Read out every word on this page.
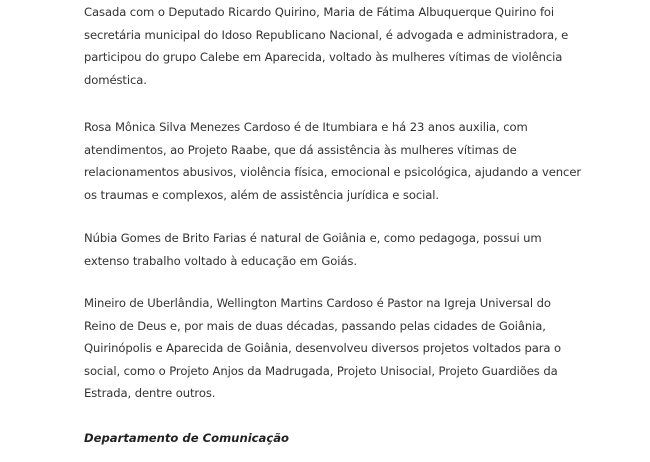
Casada com o Deputado Ricardo Quirino, Maria de Fátima Albuquerque Quirino foi secretária municipal do Idoso Republicano Nacional, é advogada e administradora, e participou do grupo Calebe em Aparecida, voltado às mulheres vítimas de violência doméstica.

Rosa Mônica Silva Menezes Cardoso é de Itumbiara e há 23 anos auxilia, com atendimentos, ao Projeto Raabe, que dá assistência às mulheres vítimas de relacionamentos abusivos, violência física, emocional e psicológica, ajudando a vencer os traumas e complexos, além de assistência jurídica e social.

Núbia Gomes de Brito Farias é natural de Goiânia e, como pedagoga, possui um extenso trabalho voltado à educação em Goiás.

Mineiro de Uberlândia, Wellington Martins Cardoso é Pastor na Igreja Universal do Reino de Deus e, por mais de duas décadas, passando pelas cidades de Goiânia, Quirinópolis e Aparecida de Goiânia, desenvolveu diversos projetos voltados para o social, como o Projeto Anjos da Madrugada, Projeto Unisocial, Projeto Guardiões da Estrada, dentre outros.

Departamento de Comunicação
